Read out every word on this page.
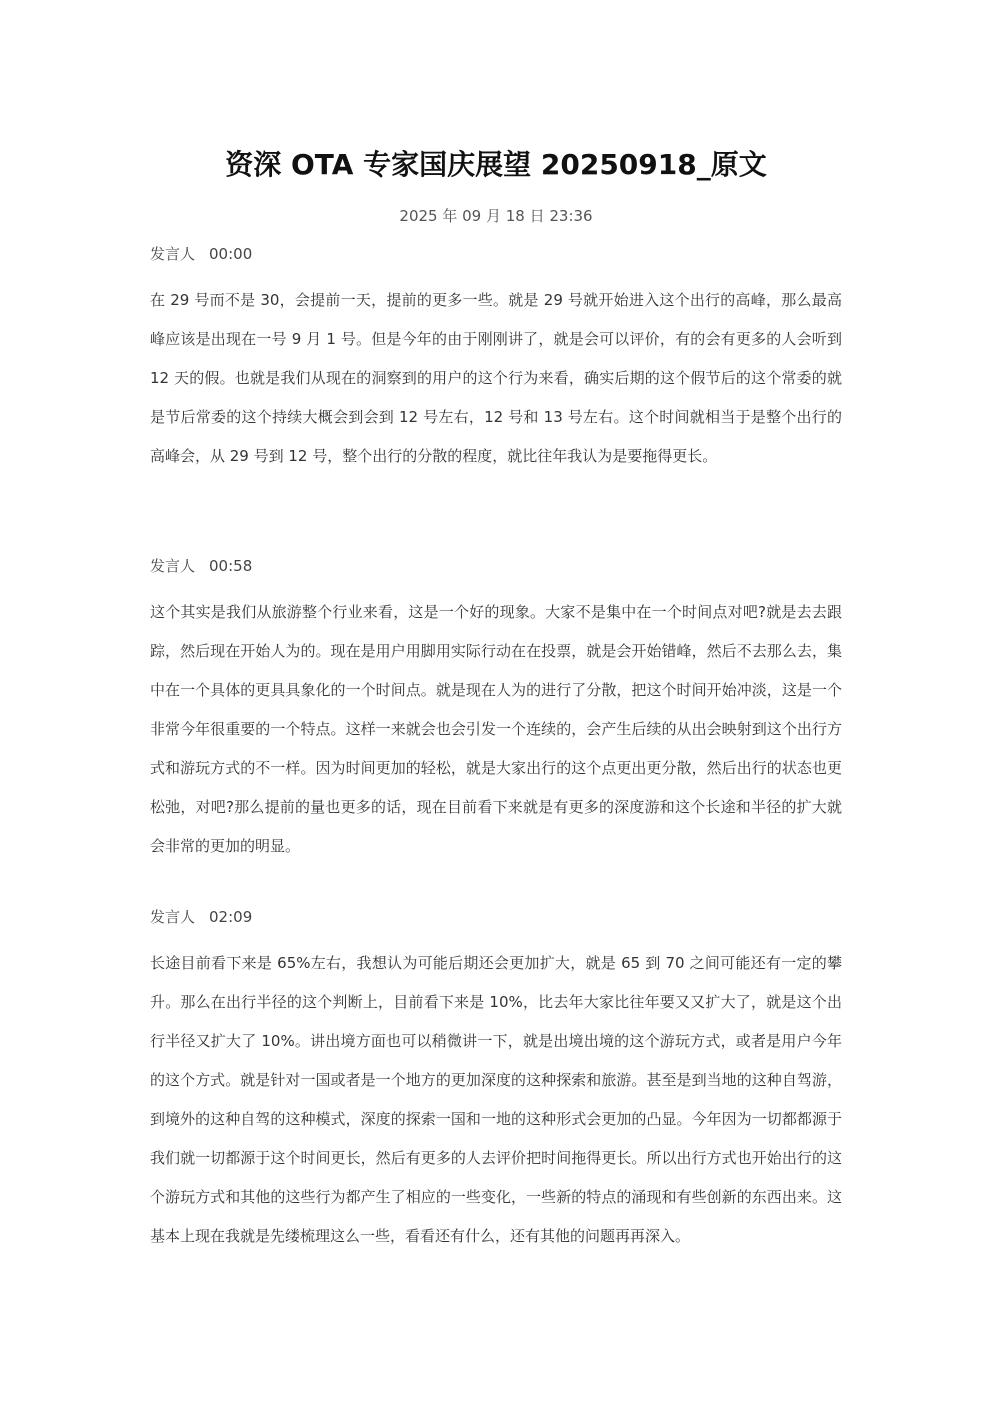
资深 OTA 专家国庆展望 20250918_原文
2025 年 09 月 18 日 23:36
发言人 00:00
在 29 号而不是 30，会提前一天，提前的更多一些。就是 29 号就开始进入这个出行的高峰，那么最高峰应该是出现在一号 9 月 1 号。但是今年的由于刚刚讲了，就是会可以评价，有的会有更多的人会听到 12 天的假。也就是我们从现在的洞察到的用户的这个行为来看，确实后期的这个假节后的这个常委的就是节后常委的这个持续大概会到会到 12 号左右，12 号和 13 号左右。这个时间就相当于是整个出行的高峰会，从 29 号到 12 号，整个出行的分散的程度，就比往年我认为是要拖得更长。
发言人 00:58
这个其实是我们从旅游整个行业来看，这是一个好的现象。大家不是集中在一个时间点对吧?就是去去跟踪，然后现在开始人为的。现在是用户用脚用实际行动在在投票，就是会开始错峰，然后不去那么去，集中在一个具体的更具具象化的一个时间点。就是现在人为的进行了分散，把这个时间开始冲淡，这是一个非常今年很重要的一个特点。这样一来就会也会引发一个连续的，会产生后续的从出会映射到这个出行方式和游玩方式的不一样。因为时间更加的轻松，就是大家出行的这个点更出更分散，然后出行的状态也更松弛，对吧?那么提前的量也更多的话，现在目前看下来就是有更多的深度游和这个长途和半径的扩大就会非常的更加的明显。
发言人 02:09
长途目前看下来是 65%左右，我想认为可能后期还会更加扩大，就是 65 到 70 之间可能还有一定的攀升。那么在出行半径的这个判断上，目前看下来是 10%，比去年大家比往年要又又扩大了，就是这个出行半径又扩大了 10%。讲出境方面也可以稍微讲一下，就是出境出境的这个游玩方式，或者是用户今年的这个方式。就是针对一国或者是一个地方的更加深度的这种探索和旅游。甚至是到当地的这种自驾游，到境外的这种自驾的这种模式，深度的探索一国和一地的这种形式会更加的凸显。今年因为一切都都源于我们就一切都源于这个时间更长，然后有更多的人去评价把时间拖得更长。所以出行方式也开始出行的这个游玩方式和其他的这些行为都产生了相应的一些变化，一些新的特点的涌现和有些创新的东西出来。这基本上现在我就是先缕梳理这么一些，看看还有什么，还有其他的问题再再深入。
